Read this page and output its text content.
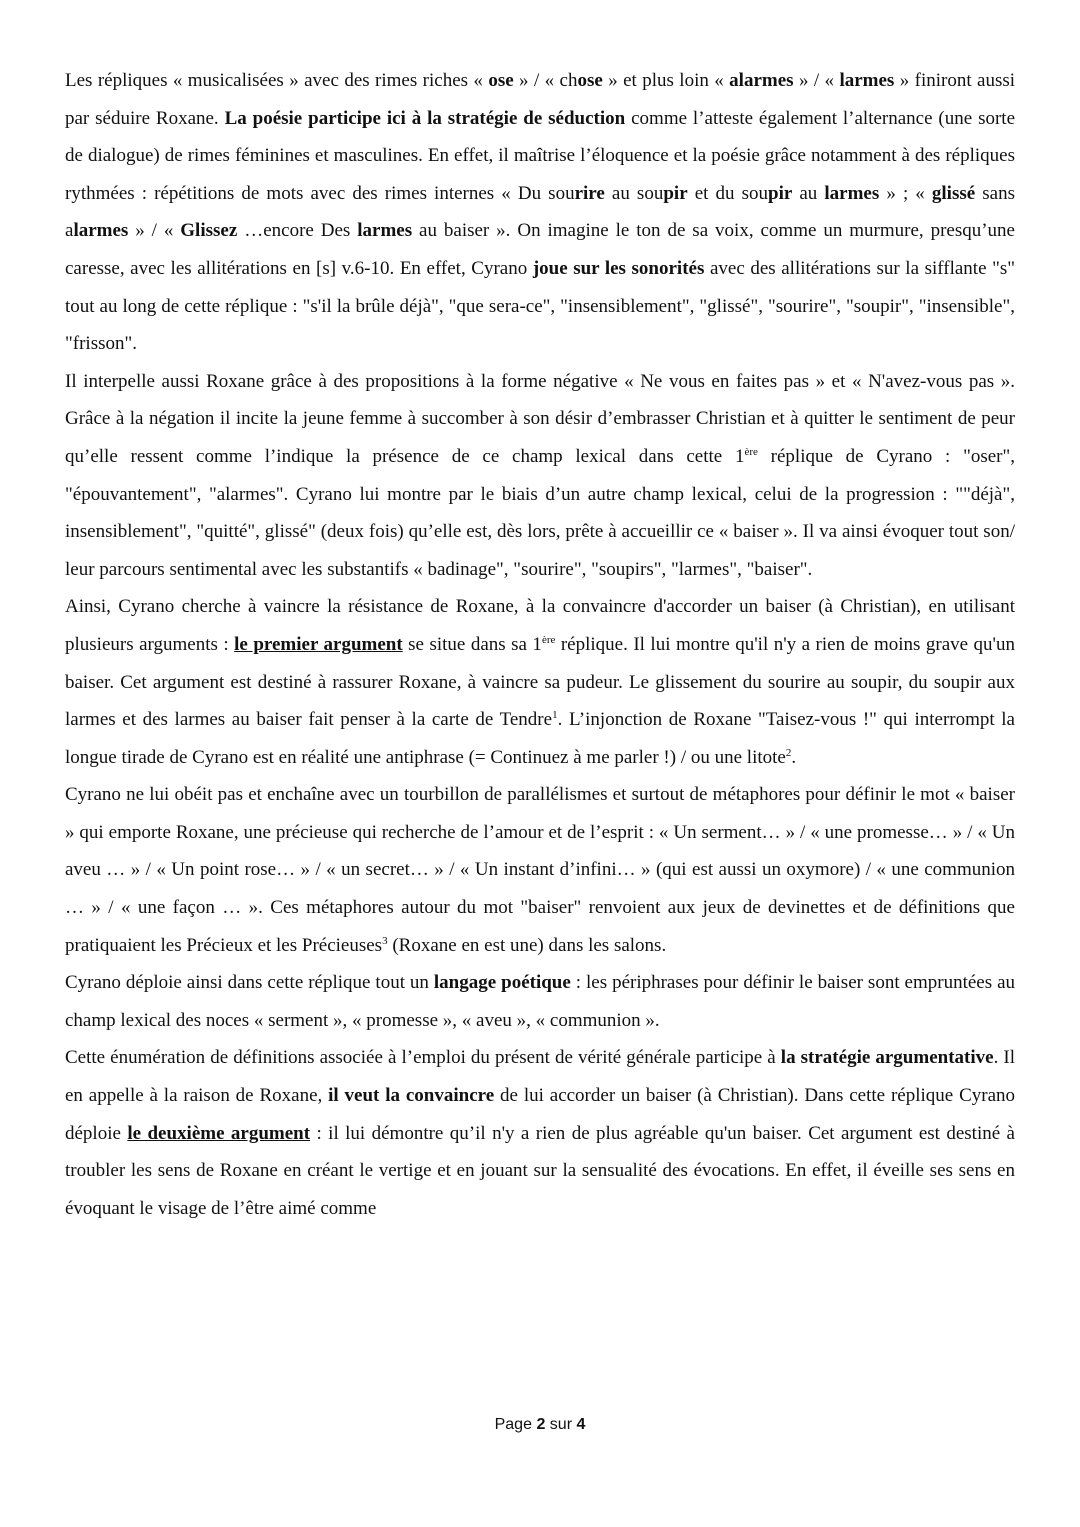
Les répliques « musicalisées » avec des rimes riches « ose » / « chose » et plus loin « alarmes » / « larmes » finiront aussi par séduire Roxane. La poésie participe ici à la stratégie de séduction comme l’atteste également l’alternance (une sorte de dialogue) de rimes féminines et masculines. En effet, il maîtrise l’éloquence et la poésie grâce notamment à des répliques rythmées : répétitions de mots avec des rimes internes « Du sourire au soupir et du soupir au larmes » ; « glissé sans alarmes » / « Glissez …encore Des larmes au baiser ». On imagine le ton de sa voix, comme un murmure, presqu’une caresse, avec les allitérations en [s] v.6-10. En effet, Cyrano joue sur les sonorités avec des allitérations sur la sifflante "s" tout au long de cette réplique : "s'il la brûle déjà", "que sera-ce", "insensiblement", "glissé", "sourire", "soupir", "insensible", "frisson".

Il interpelle aussi Roxane grâce à des propositions à la forme négative « Ne vous en faites pas » et « N'avez-vous pas ». Grâce à la négation il incite la jeune femme à succomber à son désir d’embrasser Christian et à quitter le sentiment de peur qu’elle ressent comme l’indique la présence de ce champ lexical dans cette 1ère réplique de Cyrano : "oser", "épouvantement", "alarmes". Cyrano lui montre par le biais d’un autre champ lexical, celui de la progression : ""déjà", insensiblement", "quitté", glissé" (deux fois) qu’elle est, dès lors, prête à accueillir ce « baiser ». Il va ainsi évoquer tout son/ leur parcours sentimental avec les substantifs « badinage", "sourire", "soupirs", "larmes", "baiser".

Ainsi, Cyrano cherche à vaincre la résistance de Roxane, à la convaincre d'accorder un baiser (à Christian), en utilisant plusieurs arguments : le premier argument se situe dans sa 1ère réplique. Il lui montre qu'il n'y a rien de moins grave qu'un baiser. Cet argument est destiné à rassurer Roxane, à vaincre sa pudeur. Le glissement du sourire au soupir, du soupir aux larmes et des larmes au baiser fait penser à la carte de Tendre$^1$. L’injonction de Roxane "Taisez-vous !" qui interrompt la longue tirade de Cyrano est en réalité une antiphrase (= Continuez à me parler !) / ou une litote$^2$.

Cyrano ne lui obéit pas et enchaîne avec un tourbillon de parallélismes et surtout de métaphores pour définir le mot « baiser » qui emporte Roxane, une précieuse qui recherche de l’amour et de l’esprit : « Un serment… » / « une promesse… » / « Un aveu … » / « Un point rose… » / « un secret… » / « Un instant d’infini… » (qui est aussi un oxymore) / « une communion … » / « une façon … ». Ces métaphores autour du mot "baiser" renvoient aux jeux de devinettes et de définitions que pratiquaient les Précieux et les Précieuses$^3$ (Roxane en est une) dans les salons.

Cyrano déploie ainsi dans cette réplique tout un langage poétique : les périphrases pour définir le baiser sont empruntées au champ lexical des noces « serment », « promesse », « aveu », « communion ».

Cette énumération de définitions associée à l’emploi du présent de vérité générale participe à la stratégie argumentative. Il en appelle à la raison de Roxane, il veut la convaincre de lui accorder un baiser (à Christian). Dans cette réplique Cyrano déploie le deuxième argument : il lui démontre qu’il n'y a rien de plus agréable qu'un baiser. Cet argument est destiné à troubler les sens de Roxane en créant le vertige et en jouant sur la sensualité des évocations. En effet, il éveille ses sens en évoquant le visage de l’être aimé comme

Page 2 sur 4
